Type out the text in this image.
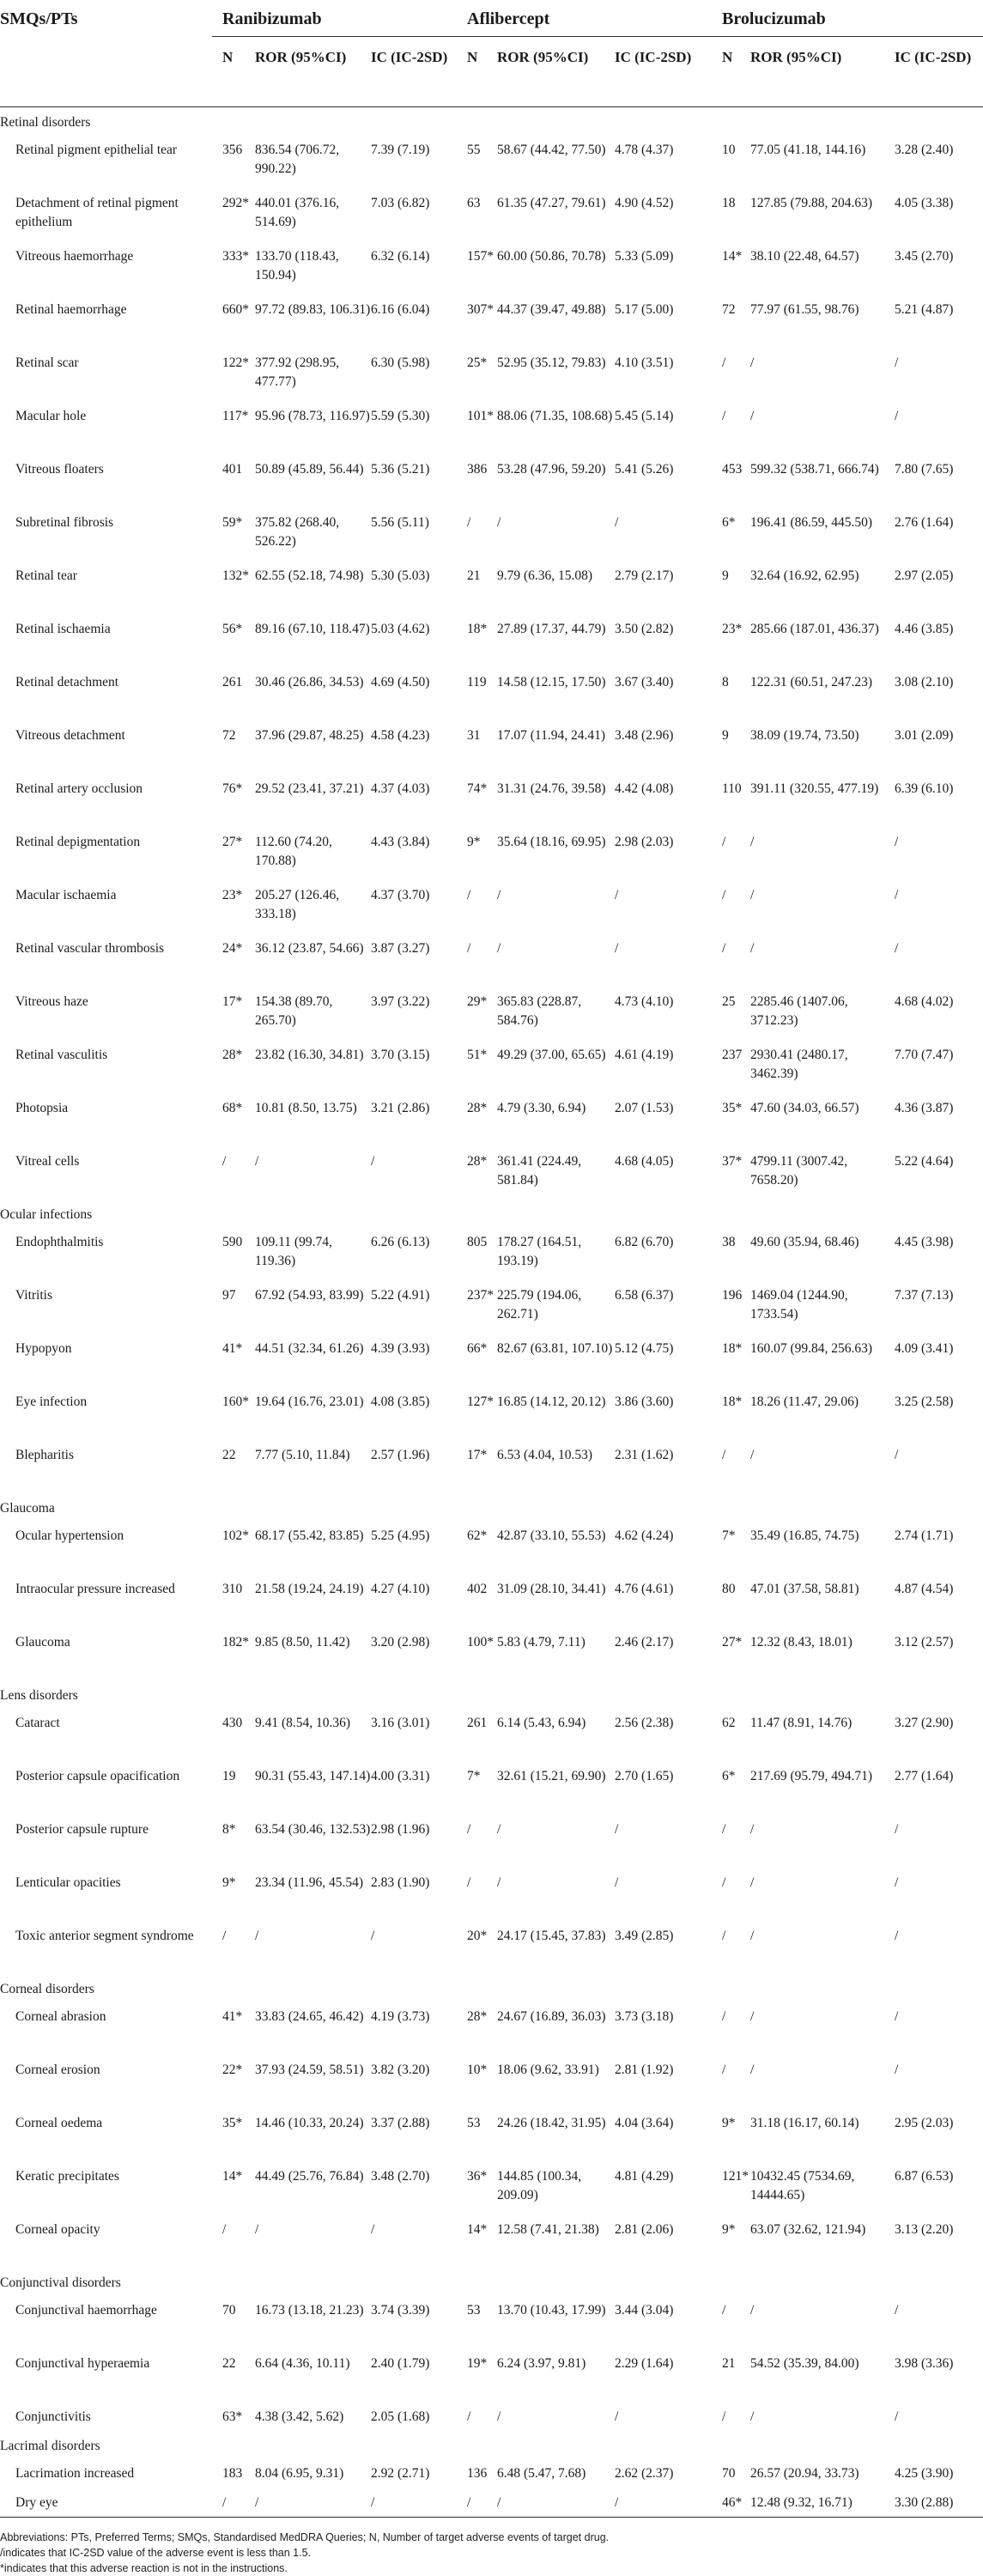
SMQs/PTs	Ranibizumab			Aflibercept			Brolucizumab		
	N	ROR (95%CI)	IC (IC-2SD)	N	ROR (95%CI)	IC (IC-2SD)	N	ROR (95%CI)	IC (IC-2SD)
Retinal disorders									
Retinal pigment epithelial tear	356	836.54 (706.72, 990.22)	7.39 (7.19)	55	58.67 (44.42, 77.50)	4.78 (4.37)	10	77.05 (41.18, 144.16)	3.28 (2.40)
Detachment of retinal pigment epithelium	292*	440.01 (376.16, 514.69)	7.03 (6.82)	63	61.35 (47.27, 79.61)	4.90 (4.52)	18	127.85 (79.88, 204.63)	4.05 (3.38)
Vitreous haemorrhage	333*	133.70 (118.43, 150.94)	6.32 (6.14)	157*	60.00 (50.86, 70.78)	5.33 (5.09)	14*	38.10 (22.48, 64.57)	3.45 (2.70)
Retinal haemorrhage	660*	97.72 (89.83, 106.31)	6.16 (6.04)	307*	44.37 (39.47, 49.88)	5.17 (5.00)	72	77.97 (61.55, 98.76)	5.21 (4.87)
Retinal scar	122*	377.92 (298.95, 477.77)	6.30 (5.98)	25*	52.95 (35.12, 79.83)	4.10 (3.51)	/	/	/
Macular hole	117*	95.96 (78.73, 116.97)	5.59 (5.30)	101*	88.06 (71.35, 108.68)	5.45 (5.14)	/	/	/
Vitreous floaters	401	50.89 (45.89, 56.44)	5.36 (5.21)	386	53.28 (47.96, 59.20)	5.41 (5.26)	453	599.32 (538.71, 666.74)	7.80 (7.65)
Subretinal fibrosis	59*	375.82 (268.40, 526.22)	5.56 (5.11)	/	/	/	6*	196.41 (86.59, 445.50)	2.76 (1.64)
Retinal tear	132*	62.55 (52.18, 74.98)	5.30 (5.03)	21	9.79 (6.36, 15.08)	2.79 (2.17)	9	32.64 (16.92, 62.95)	2.97 (2.05)
Retinal ischaemia	56*	89.16 (67.10, 118.47)	5.03 (4.62)	18*	27.89 (17.37, 44.79)	3.50 (2.82)	23*	285.66 (187.01, 436.37)	4.46 (3.85)
Retinal detachment	261	30.46 (26.86, 34.53)	4.69 (4.50)	119	14.58 (12.15, 17.50)	3.67 (3.40)	8	122.31 (60.51, 247.23)	3.08 (2.10)
Vitreous detachment	72	37.96 (29.87, 48.25)	4.58 (4.23)	31	17.07 (11.94, 24.41)	3.48 (2.96)	9	38.09 (19.74, 73.50)	3.01 (2.09)
Retinal artery occlusion	76*	29.52 (23.41, 37.21)	4.37 (4.03)	74*	31.31 (24.76, 39.58)	4.42 (4.08)	110	391.11 (320.55, 477.19)	6.39 (6.10)
Retinal depigmentation	27*	112.60 (74.20, 170.88)	4.43 (3.84)	9*	35.64 (18.16, 69.95)	2.98 (2.03)	/	/	/
Macular ischaemia	23*	205.27 (126.46, 333.18)	4.37 (3.70)	/	/	/	/	/	/
Retinal vascular thrombosis	24*	36.12 (23.87, 54.66)	3.87 (3.27)	/	/	/	/	/	/
Vitreous haze	17*	154.38 (89.70, 265.70)	3.97 (3.22)	29*	365.83 (228.87, 584.76)	4.73 (4.10)	25	2285.46 (1407.06, 3712.23)	4.68 (4.02)
Retinal vasculitis	28*	23.82 (16.30, 34.81)	3.70 (3.15)	51*	49.29 (37.00, 65.65)	4.61 (4.19)	237	2930.41 (2480.17, 3462.39)	7.70 (7.47)
Photopsia	68*	10.81 (8.50, 13.75)	3.21 (2.86)	28*	4.79 (3.30, 6.94)	2.07 (1.53)	35*	47.60 (34.03, 66.57)	4.36 (3.87)
Vitreal cells	/	/	/	28*	361.41 (224.49, 581.84)	4.68 (4.05)	37*	4799.11 (3007.42, 7658.20)	5.22 (4.64)
Ocular infections									
Endophthalmitis	590	109.11 (99.74, 119.36)	6.26 (6.13)	805	178.27 (164.51, 193.19)	6.82 (6.70)	38	49.60 (35.94, 68.46)	4.45 (3.98)
Vitritis	97	67.92 (54.93, 83.99)	5.22 (4.91)	237*	225.79 (194.06, 262.71)	6.58 (6.37)	196	1469.04 (1244.90, 1733.54)	7.37 (7.13)
Hypopyon	41*	44.51 (32.34, 61.26)	4.39 (3.93)	66*	82.67 (63.81, 107.10)	5.12 (4.75)	18*	160.07 (99.84, 256.63)	4.09 (3.41)
Eye infection	160*	19.64 (16.76, 23.01)	4.08 (3.85)	127*	16.85 (14.12, 20.12)	3.86 (3.60)	18*	18.26 (11.47, 29.06)	3.25 (2.58)
Blepharitis	22	7.77 (5.10, 11.84)	2.57 (1.96)	17*	6.53 (4.04, 10.53)	2.31 (1.62)	/	/	/
Glaucoma									
Ocular hypertension	102*	68.17 (55.42, 83.85)	5.25 (4.95)	62*	42.87 (33.10, 55.53)	4.62 (4.24)	7*	35.49 (16.85, 74.75)	2.74 (1.71)
Intraocular pressure increased	310	21.58 (19.24, 24.19)	4.27 (4.10)	402	31.09 (28.10, 34.41)	4.76 (4.61)	80	47.01 (37.58, 58.81)	4.87 (4.54)
Glaucoma	182*	9.85 (8.50, 11.42)	3.20 (2.98)	100*	5.83 (4.79, 7.11)	2.46 (2.17)	27*	12.32 (8.43, 18.01)	3.12 (2.57)
Lens disorders									
Cataract	430	9.41 (8.54, 10.36)	3.16 (3.01)	261	6.14 (5.43, 6.94)	2.56 (2.38)	62	11.47 (8.91, 14.76)	3.27 (2.90)
Posterior capsule opacification	19	90.31 (55.43, 147.14)	4.00 (3.31)	7*	32.61 (15.21, 69.90)	2.70 (1.65)	6*	217.69 (95.79, 494.71)	2.77 (1.64)
Posterior capsule rupture	8*	63.54 (30.46, 132.53)	2.98 (1.96)	/	/	/	/	/	/
Lenticular opacities	9*	23.34 (11.96, 45.54)	2.83 (1.90)	/	/	/	/	/	/
Toxic anterior segment syndrome	/	/	/	20*	24.17 (15.45, 37.83)	3.49 (2.85)	/	/	/
Corneal disorders									
Corneal abrasion	41*	33.83 (24.65, 46.42)	4.19 (3.73)	28*	24.67 (16.89, 36.03)	3.73 (3.18)	/	/	/
Corneal erosion	22*	37.93 (24.59, 58.51)	3.82 (3.20)	10*	18.06 (9.62, 33.91)	2.81 (1.92)	/	/	/
Corneal oedema	35*	14.46 (10.33, 20.24)	3.37 (2.88)	53	24.26 (18.42, 31.95)	4.04 (3.64)	9*	31.18 (16.17, 60.14)	2.95 (2.03)
Keratic precipitates	14*	44.49 (25.76, 76.84)	3.48 (2.70)	36*	144.85 (100.34, 209.09)	4.81 (4.29)	121*	10432.45 (7534.69, 14444.65)	6.87 (6.53)
Corneal opacity	/	/	/	14*	12.58 (7.41, 21.38)	2.81 (2.06)	9*	63.07 (32.62, 121.94)	3.13 (2.20)
Conjunctival disorders									
Conjunctival haemorrhage	70	16.73 (13.18, 21.23)	3.74 (3.39)	53	13.70 (10.43, 17.99)	3.44 (3.04)	/	/	/
Conjunctival hyperaemia	22	6.64 (4.36, 10.11)	2.40 (1.79)	19*	6.24 (3.97, 9.81)	2.29 (1.64)	21	54.52 (35.39, 84.00)	3.98 (3.36)
Conjunctivitis	63*	4.38 (3.42, 5.62)	2.05 (1.68)	/	/	/	/	/	/
Lacrimal disorders									
Lacrimation increased	183	8.04 (6.95, 9.31)	2.92 (2.71)	136	6.48 (5.47, 7.68)	2.62 (2.37)	70	26.57 (20.94, 33.73)	4.25 (3.90)
Dry eye	/	/	/	/	/	/	46*	12.48 (9.32, 16.71)	3.30 (2.88)
Abbreviations: PTs, Preferred Terms; SMQs, Standardised MedDRA Queries; N, Number of target adverse events of target drug.
/indicates that IC-2SD value of the adverse event is less than 1.5.
*indicates that this adverse reaction is not in the instructions.
